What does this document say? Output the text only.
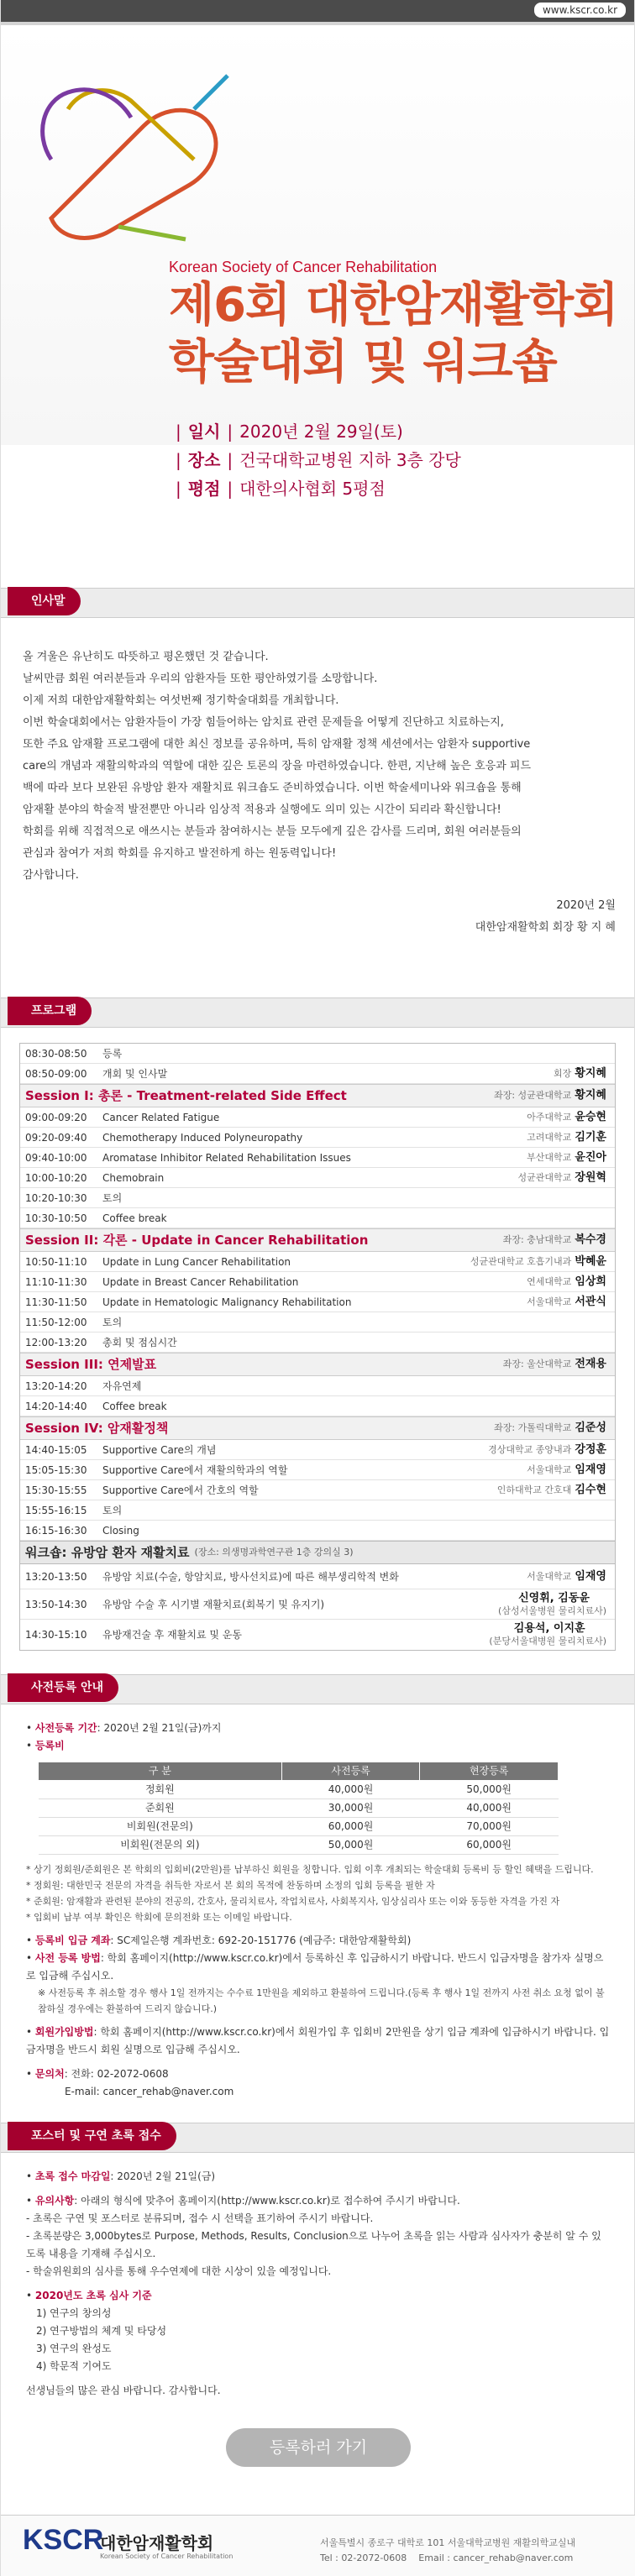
www.kscr.co.kr
Korean Society of Cancer Rehabilitation
제6회 대한암재활학회
학술대회 및 워크숍
| 일시 | 2020년 2월 29일(토)
| 장소 | 건국대학교병원 지하 3층 강당
| 평점 | 대한의사협회 5평점
인사말
올 겨울은 유난히도 따뜻하고 평온했던 것 같습니다.
날씨만큼 회원 여러분들과 우리의 암환자들 또한 평안하였기를 소망합니다.
이제 저희 대한암재활학회는 여섯번째 정기학술대회를 개최합니다.
이번 학술대회에서는 암환자들이 가장 힘들어하는 암치료 관련 문제들을 어떻게 진단하고 치료하는지,
또한 주요 암재활 프로그램에 대한 최신 정보를 공유하며, 특히 암재활 정책 세션에서는 암환자 supportive
care의 개념과 재활의학과의 역할에 대한 깊은 토론의 장을 마련하였습니다. 한편, 지난해 높은 호응과 피드
백에 따라 보다 보완된 유방암 환자 재활치료 워크숍도 준비하였습니다. 이번 학술세미나와 워크숍을 통해
암재활 분야의 학술적 발전뿐만 아니라 임상적 적용과 실행에도 의미 있는 시간이 되리라 확신합니다!
학회를 위해 직접적으로 애쓰시는 분들과 참여하시는 분들 모두에게 깊은 감사를 드리며, 회원 여러분들의
관심과 참여가 저희 학회를 유지하고 발전하게 하는 원동력입니다!
감사합니다.
2020년 2월
대한암재활학회 회장 황 지 혜
프로그램
08:30-08:50	등록
08:50-09:00	개회 및 인사말	회장 황지혜
Session I: 총론 - Treatment-related Side Effect	좌장: 성균관대학교 황지혜
09:00-09:20	Cancer Related Fatigue	아주대학교 윤승현
09:20-09:40	Chemotherapy Induced Polyneuropathy	고려대학교 김기훈
09:40-10:00	Aromatase Inhibitor Related Rehabilitation Issues	부산대학교 윤진아
10:00-10:20	Chemobrain	성균관대학교 장원혁
10:20-10:30	토의
10:30-10:50	Coffee break
Session II: 각론 - Update in Cancer Rehabilitation	좌장: 충남대학교 복수경
10:50-11:10	Update in Lung Cancer Rehabilitation	성균관대학교 호흡기내과 박혜윤
11:10-11:30	Update in Breast Cancer Rehabilitation	연세대학교 임상희
11:30-11:50	Update in Hematologic Malignancy Rehabilitation	서울대학교 서관식
11:50-12:00	토의
12:00-13:20	총회 및 점심시간
Session III: 연제발표	좌장: 울산대학교 전재용
13:20-14:20	자유연제
14:20-14:40	Coffee break
Session IV: 암재활정책	좌장: 가톨릭대학교 김준성
14:40-15:05	Supportive Care의 개념	경상대학교 종양내과 강정훈
15:05-15:30	Supportive Care에서 재활의학과의 역할	서울대학교 임재영
15:30-15:55	Supportive Care에서 간호의 역할	인하대학교 간호대 김수현
15:55-16:15	토의
16:15-16:30	Closing
워크숍: 유방암 환자 재활치료 (장소: 의생명과학연구관 1층 강의실 3)
13:20-13:50	유방암 치료(수술, 항암치료, 방사선치료)에 따른 해부생리학적 변화	서울대학교 임재영
13:50-14:30	유방암 수술 후 시기별 재활치료(회복기 및 유지기)	신영휘, 김동윤
(삼성서울병원 물리치료사)
14:30-15:10	유방재건술 후 재활치료 및 운동	김용석, 이지훈
(분당서울대병원 물리치료사)
사전등록 안내
• 사전등록 기간: 2020년 2월 21일(금)까지
• 등록비
구 분	사전등록	현장등록
정회원	40,000원	50,000원
준회원	30,000원	40,000원
비회원(전문의)	60,000원	70,000원
비회원(전문의 외)	50,000원	60,000원
* 상기 정회원/준회원은 본 학회의 입회비(2만원)를 납부하신 회원을 칭합니다. 입회 이후 개최되는 학술대회 등록비 등 할인 혜택을 드립니다.
* 정회원: 대한민국 전문의 자격을 취득한 자로서 본 회의 목적에 찬동하며 소정의 입회 등록을 필한 자
* 준회원: 암재활과 관련된 분야의 전공의, 간호사, 물리치료사, 작업치료사, 사회복지사, 임상심리사 또는 이와 동등한 자격을 가진 자
* 입회비 납부 여부 확인은 학회에 문의전화 또는 이메일 바랍니다.
• 등록비 입금 계좌: SC제일은행 계좌번호: 692-20-151776 (예금주: 대한암재활학회)
• 사전 등록 방법: 학회 홈페이지(http://www.kscr.co.kr)에서 등록하신 후 입금하시기 바랍니다. 반드시 입금자명을 참가자 실명으로 입금해 주십시오.
※ 사전등록 후 취소할 경우 행사 1일 전까지는 수수료 1만원을 제외하고 환불하여 드립니다.(등록 후 행사 1일 전까지 사전 취소 요청 없이 불참하실 경우에는 환불하여 드리지 않습니다.)
• 회원가입방법: 학회 홈페이지(http://www.kscr.co.kr)에서 회원가입 후 입회비 2만원을 상기 입금 계좌에 입금하시기 바랍니다. 입금자명을 반드시 회원 실명으로 입금해 주십시오.
• 문의처: 전화: 02-2072-0608
E-mail: cancer_rehab@naver.com
포스터 및 구연 초록 접수
• 초록 접수 마감일: 2020년 2월 21일(금)
• 유의사항: 아래의 형식에 맞추어 홈페이지(http://www.kscr.co.kr)로 접수하여 주시기 바랍니다.
- 초록은 구연 및 포스터로 분류되며, 접수 시 선택을 표기하여 주시기 바랍니다.
- 초록분량은 3,000bytes로 Purpose, Methods, Results, Conclusion으로 나누어 초록을 읽는 사람과 심사자가 충분히 알 수 있도록 내용을 기재해 주십시오.
- 학술위원회의 심사를 통해 우수연제에 대한 시상이 있을 예정입니다.
• 2020년도 초록 심사 기준
1) 연구의 창의성
2) 연구방법의 체계 및 타당성
3) 연구의 완성도
4) 학문적 기여도
선생님들의 많은 관심 바랍니다. 감사합니다.
등록하러 가기
KSCR
대한암재활학회
Korean Society of Cancer Rehabilitation
서울특별시 종로구 대학로 101 서울대학교병원 재활의학교실내
Tel : 02-2072-0608 Email : cancer_rehab@naver.com
